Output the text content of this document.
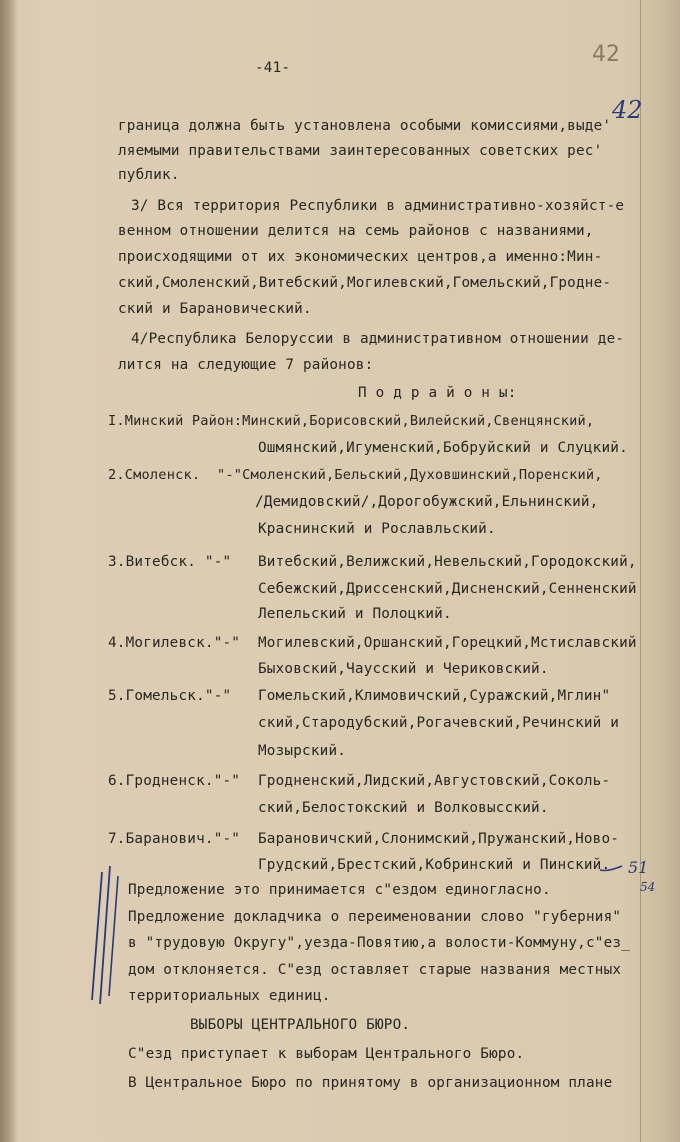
-41-

42

42

граница должна быть установлена особыми комиссиями,выде'

ляемыми правительствами заинтересованных советских рес'

публик.

3/ Вся территория Республики в административно-хозяйст-е

венном отношении делится на семь районов с названиями,

происходящими от их экономических центров,а именно:Мин-

ский,Смоленский,Витебский,Могилевский,Гомельский,Гродне-

ский и Барановический.

4/Республика Белоруссии в административном отношении де-

лится на следующие 7 районов:

П о д р а й о н ы:

I.Минский Район:Минский,Борисовский,Вилейский,Свенцянский,

Ошмянский,Игуменский,Бобруйский и Слуцкий.

2.Смоленск.  "-"Смоленский,Бельский,Духовшинский,Поренский,

/Демидовский/,Дорогобужский,Ельнинский,

Краснинский и Рославльский.

3.Витебск. "-" Витебский,Велижский,Невельский,Городокский,

Себежский,Дриссенский,Дисненский,Сенненский

Лепельский и Полоцкий.

4.Могилевск."-" Могилевский,Оршанский,Горецкий,Мстиславский

Быховский,Чаусский и Чериковский.

5.Гомельск."-" Гомельский,Климовичский,Суражский,Мглин"

ский,Стародубский,Рогачевский,Речинский и

Мозырский.

6.Гродненск."-" Гродненский,Лидский,Августовский,Соколь-

ский,Белостокский и Волковысский.

7.Баранович."-" Барановичский,Слонимский,Пружанский,Ново-

Грудский,Брестский,Кобринский и Пинский. 51

54

Предложение это принимается с"ездом единогласно.

Предложение докладчика о переименовании слово "губерния"

в "трудовую Округу",уезда-Повятию,а волости-Коммуну,с"ез_

дом отклоняется. С"езд оставляет старые названия местных

территориальных единиц.

ВЫБОРЫ ЦЕНТРАЛЬНОГО БЮРО.

С"езд приступает к выборам Центрального Бюро.

В Центральное Бюро по принятому в организационном плане
